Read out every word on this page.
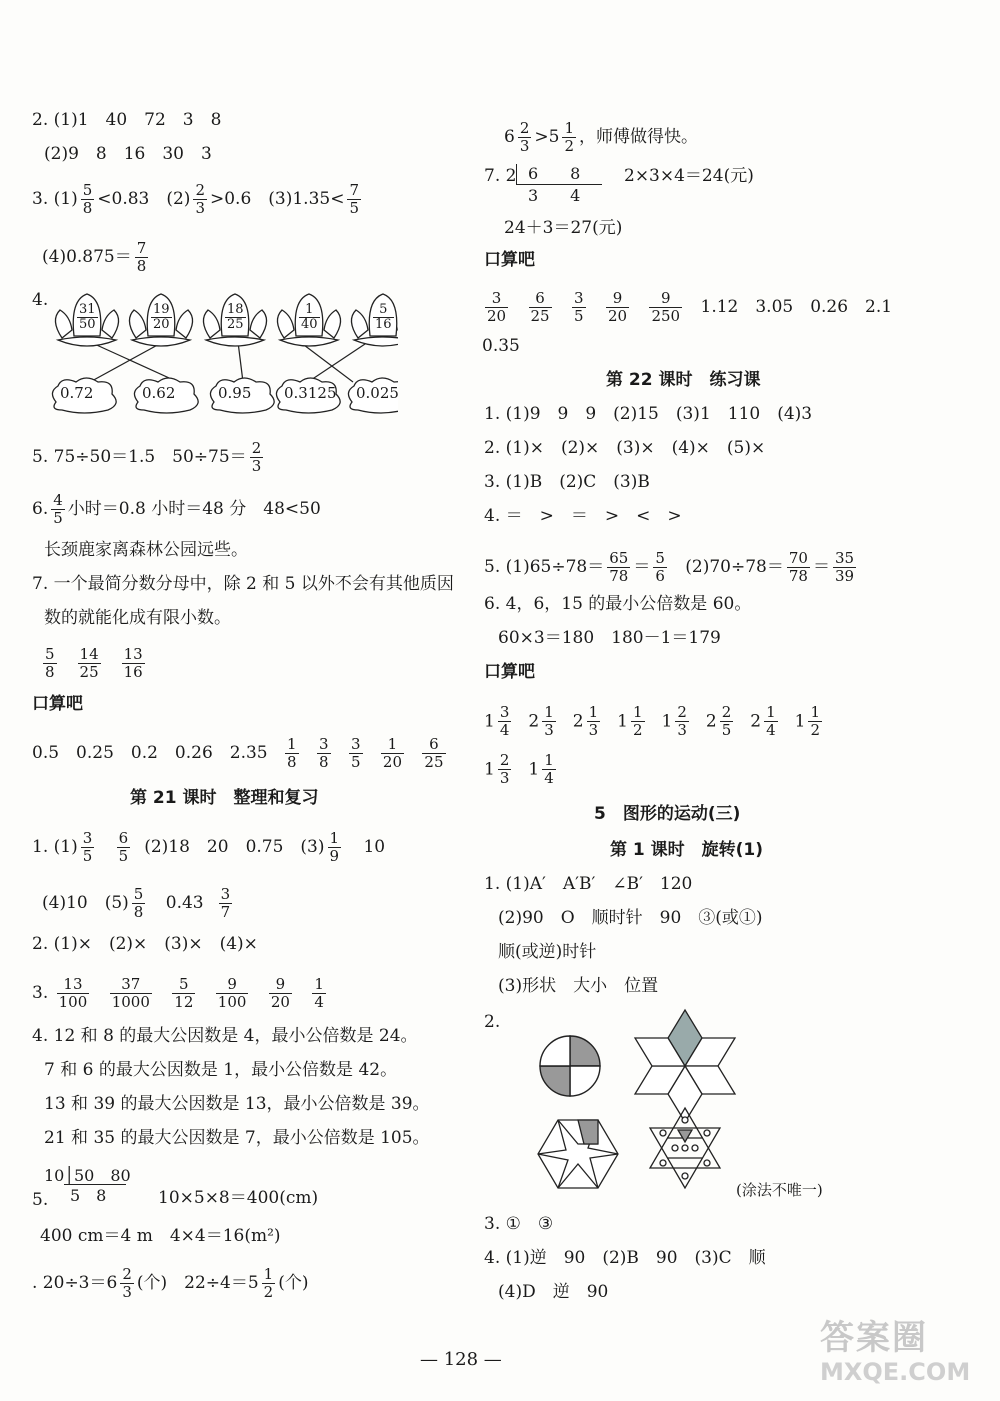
2. (1)1　40　72　3　8
(2)9　8　16　30　3
3. $(1) \frac{5}{8} <0.83$　$(2) \frac{2}{3} >0.6$　$(3)1.35< \frac{7}{5}$
$(4)0.875= \frac{7}{8}$
4. 31
50
19
20
18
25
1
40
5
16
0.72	0.62	0.95 0.3125 0.025
5. 75÷50＝1.5　$50\div 75= \frac{2}{3}$
6. $\frac{4}{5}$ 小时＝0.8 小时＝48 分　48<50
长颈鹿家离森林公园远些。
7. 一个最简分数分母中，除 2 和 5 以外不会有其他质因
数的就能化成有限小数。
$\frac{5}{8} \frac{14}{25} \frac{13}{16}$
口算吧
0.5　0.25　0.2　0.26　$2.35 \frac{1}{8}$
$\frac{3}{8}$
$\frac{3}{5}$
$\frac{1}{20}$
$\frac{6}{25}$
第 21 课时　整理和复习
1. $(1) \frac{3}{5}$
$\frac{6}{5} (2)18$　20　0.75　$(3) \frac{1}{9} 10$
(4)10　$(5) \frac{5}{8} 0.43 \frac{3}{7}$
2. (1)×　(2)×　(3)×　(4)×
3. $\frac{13}{100}$
$\frac{37}{1000}$
$\frac{5}{12}$
$\frac{9}{100}$
$\frac{9}{20}$
$\frac{1}{4}$
4. 12 和 8 的最大公因数是 4，最小公倍数是 24。
7 和 6 的最大公因数是 1，最小公倍数是 42。
13 和 39 的最大公因数是 13，最小公倍数是 39。
21 和 35 的最大公因数是 7，最小公倍数是 105。
10│50　80
5　8
5.	10×5×8＝400(cm)
400 cm＝4 m　4×4＝16(m²)
. $20\div 3=6 \frac{2}{3}$ (个)　$22\div 4=5 \frac{1}{2}$ (个)
$6 \frac{2}{3} >5 \frac{1}{2}$ ，师傅做得快。
7. 2 6　　8
3　　4
2×3×4＝24(元)
24＋3＝27(元)
口算吧
$\frac{3}{20}$
$\frac{6}{25}$
$\frac{3}{5}$
$\frac{9}{20}$
$\frac{9}{250} 1.12$　3.05　0.26　2.1
0.35
第 22 课时　练习课
1. (1)9　9　9　(2)15　(3)1　110　(4)3
2. (1)×　(2)×　(3)×　(4)×　(5)×
3. (1)B　(2)C　(3)B
4. ＝　>　＝　>　<　>
5. $(1)65\div 78= \frac{65}{78} = \frac{5}{6} (2)70\div 78= \frac{70}{78} = \frac{35}{39}$
6. 4，6，15 的最小公倍数是 60。
60×3＝180　180－1＝179
口算吧
$1 \frac{3}{4} 2 \frac{1}{3} 2 \frac{1}{3} 1 \frac{1}{2} 1 \frac{2}{3} 2 \frac{2}{5} 2 \frac{1}{4} 1 \frac{1}{2}$
$1 \frac{2}{3} 1 \frac{1}{4}$
5　图形的运动(三)
第 1 课时　旋转(1)
1. (1)A′　A′B′　∠B′　120
(2)90　O　顺时针　90　③(或①)
顺(或逆)时针
(3)形状　大小　位置
2.
(涂法不唯一)
3. ①　③
4. (1)逆　90　(2)B　90　(3)C　顺
(4)D　逆　90
— 128 —
答案圈
MXQE.COM
